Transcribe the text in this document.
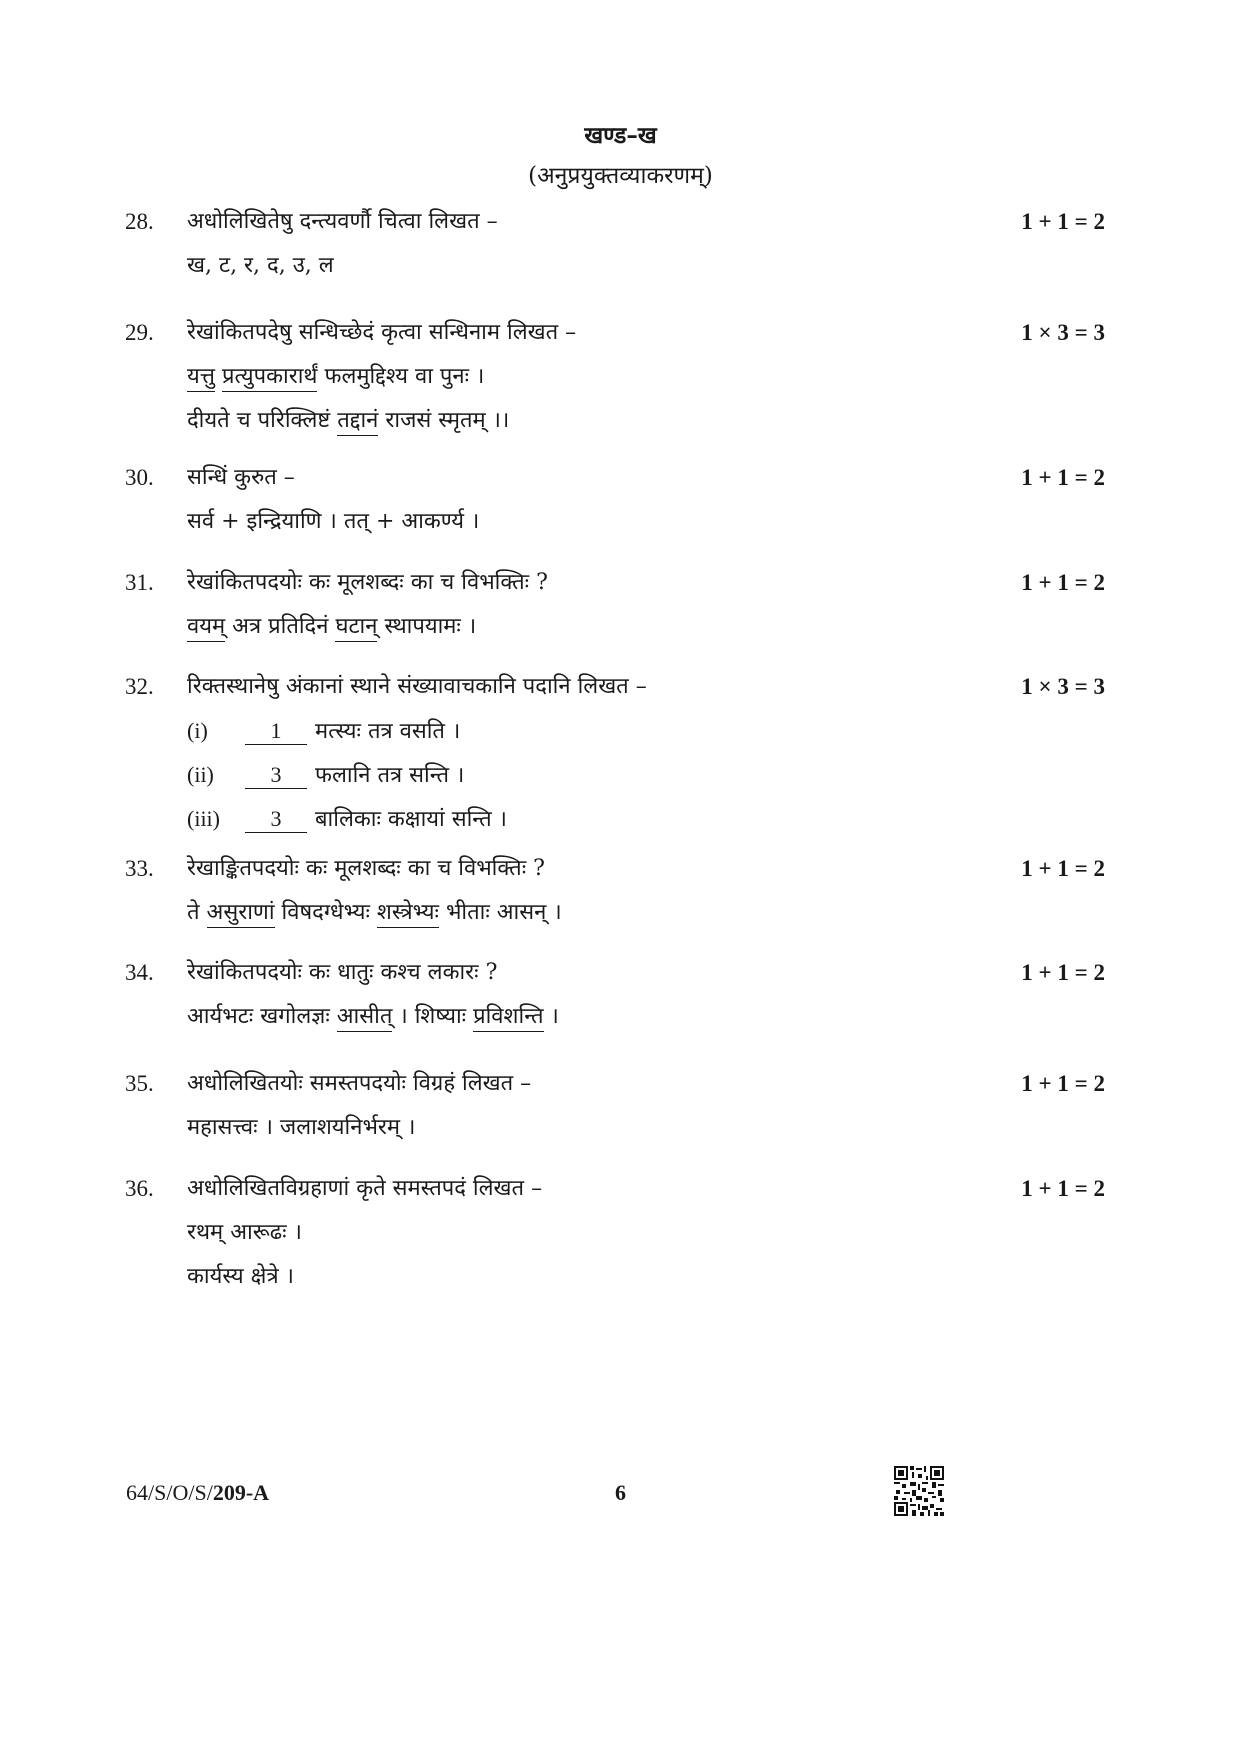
खण्ड–ख
(अनुप्रयुक्तव्याकरणम्)
28. अधोलिखितेषु दन्त्यवर्णौ चित्वा लिखत –	1 + 1 = 2
ख, ट, र, द, उ, ल
29. रेखांकितपदेषु सन्धिच्छेदं कृत्वा सन्धिनाम लिखत –	1 × 3 = 3
यत्तु प्रत्युपकारार्थं फलमुद्दिश्य वा पुनः ।
दीयते च परिक्लिष्टं तद्दानं राजसं स्मृतम् ।।
30. सन्धिं कुरुत –	1 + 1 = 2
सर्व + इन्द्रियाणि । तत् + आकर्ण्य ।
31. रेखांकितपदयोः कः मूलशब्दः का च विभक्तिः ?	1 + 1 = 2
वयम् अत्र प्रतिदिनं घटान् स्थापयामः ।
32. रिक्तस्थानेषु अंकानां स्थाने संख्यावाचकानि पदानि लिखत –	1 × 3 = 3
(i)	1 मत्स्यः तत्र वसति ।
(ii)	3 फलानि तत्र सन्ति ।
(iii) 3 बालिकाः कक्षायां सन्ति ।
33. रेखाङ्कितपदयोः कः मूलशब्दः का च विभक्तिः ?	1 + 1 = 2
ते असुराणां विषदग्धेभ्यः शस्त्रेभ्यः भीताः आसन् ।
34. रेखांकितपदयोः कः धातुः कश्च लकारः ?	1 + 1 = 2
आर्यभटः खगोलज्ञः आसीत् । शिष्याः प्रविशन्ति ।
35. अधोलिखितयोः समस्तपदयोः विग्रहं लिखत –	1 + 1 = 2
महासत्त्वः । जलाशयनिर्भरम् ।
36. अधोलिखितविग्रहाणां कृते समस्तपदं लिखत –	1 + 1 = 2
रथम् आरूढः ।
कार्यस्य क्षेत्रे ।
64/S/O/S/209-A	6
